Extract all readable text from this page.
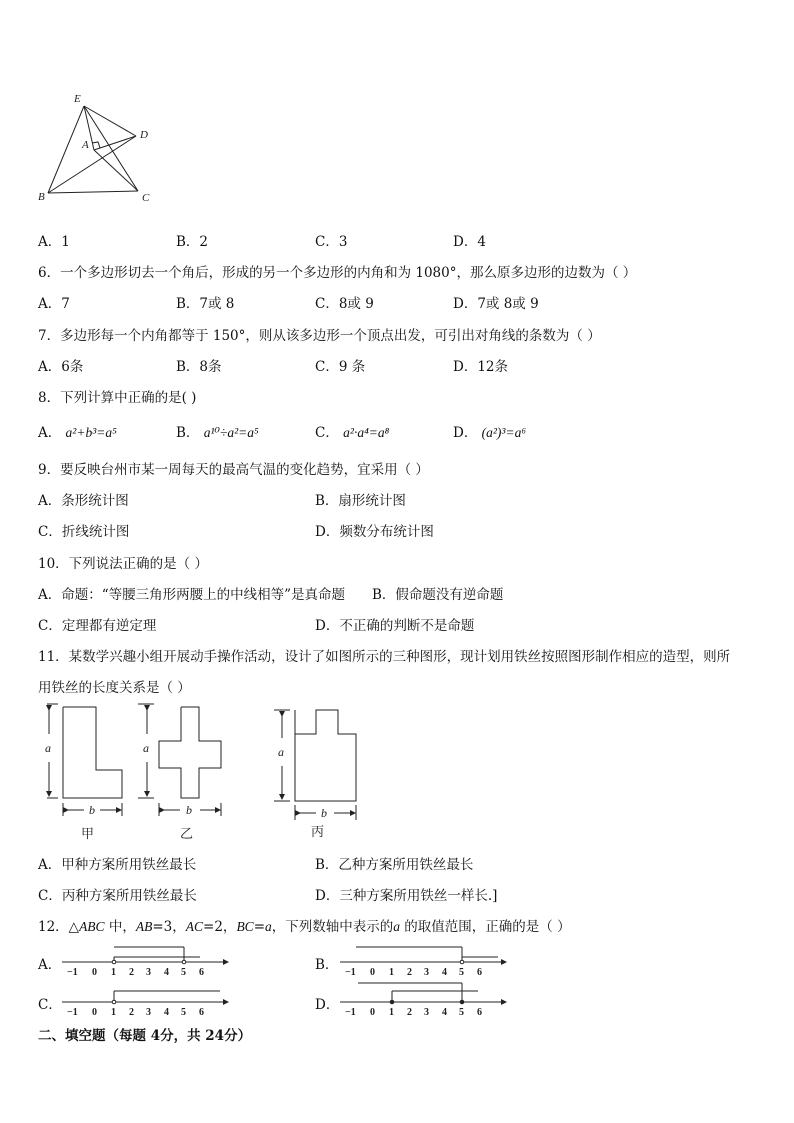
E
A
D
B	C
A．1	B．2	C．3	D．4
6．一个多边形切去一个角后，形成的另一个多边形的内角和为 1080°，那么原多边形的边数为（ ）
A．7	B．7或 8	C．8或 9	D．7或 8或 9
7．多边形每一个内角都等于 150°，则从该多边形一个顶点出发，可引出对角线的条数为（ ）
A．6条	B．8条	C．9 条	D．12条
8．下列计算中正确的是( )
A． a²+b³=a⁵	B． a¹⁰÷a²=a⁵	C． a²·a⁴=a⁸	D． (a²)³=a⁶
9．要反映台州市某一周每天的最高气温的变化趋势，宜采用（ ）
A．条形统计图	B．扇形统计图
C．折线统计图	D．频数分布统计图
10．下列说法正确的是（ ）
A．命题：“等腰三角形两腰上的中线相等”是真命题 B．假命题没有逆命题
C．定理都有逆定理	D．不正确的判断不是命题
11．某数学兴趣小组开展动手操作活动，设计了如图所示的三种图形，现计划用铁丝按照图形制作相应的造型，则所
用铁丝的长度关系是（ ）
a
b
a
b
a
b
甲	乙	丙
A．甲种方案所用铁丝最长	B．乙种方案所用铁丝最长
C．丙种方案所用铁丝最长	D．三种方案所用铁丝一样长.]
12．△ABC 中，AB=3，AC=2，BC=a，下列数轴中表示的a 的取值范围，正确的是（ ）
A． −1 0 1 2 3 4 5 6	B． −1 0 1 2 3 4 5 6
C． −1 0 1 2 3 4 5 6	D． −1 0 1 2 3 4 5 6
二、填空题（每题 4分，共 24分）
